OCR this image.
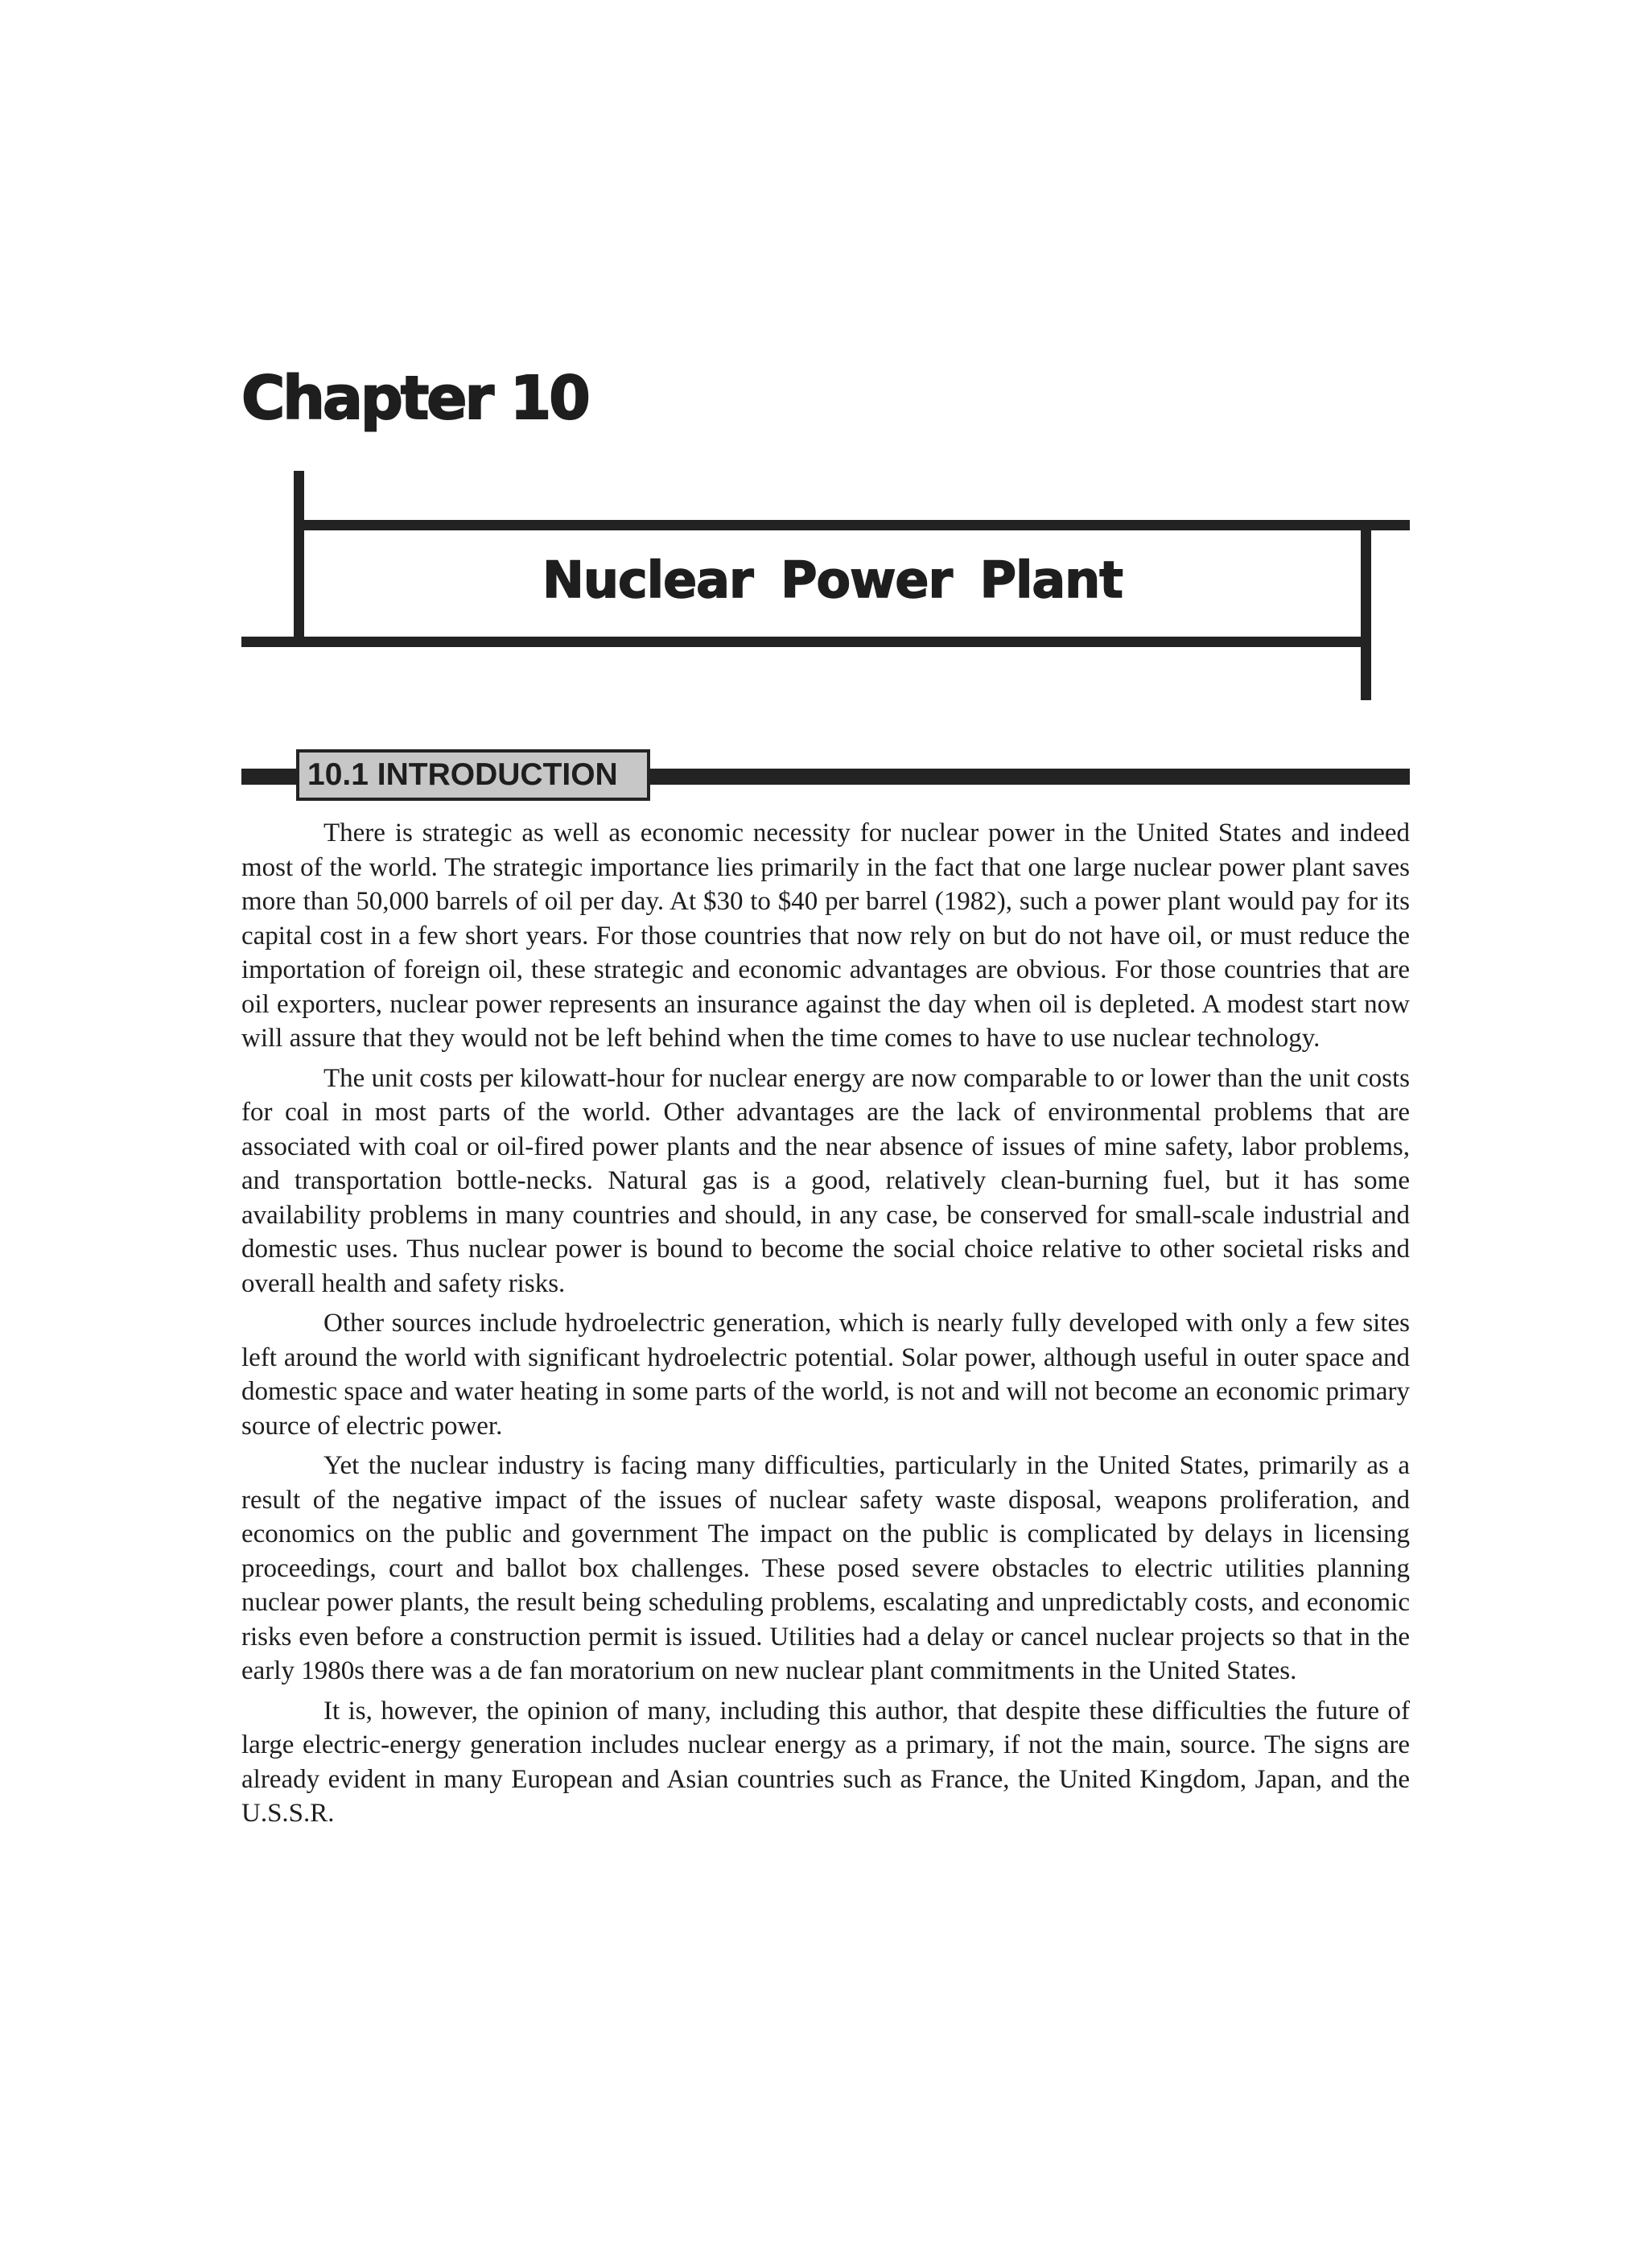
Chapter 10
Nuclear Power Plant
10.1 INTRODUCTION

There is strategic as well as economic necessity for nuclear power in the United States and indeed most of the world. The strategic importance lies primarily in the fact that one large nuclear power plant saves more than 50,000 barrels of oil per day. At $30 to $40 per barrel (1982), such a power plant would pay for its capital cost in a few short years. For those countries that now rely on but do not have oil, or must reduce the importation of foreign oil, these strategic and economic advantages are obvious. For those countries that are oil exporters, nuclear power represents an insurance against the day when oil is depleted. A modest start now will assure that they would not be left behind when the time comes to have to use nuclear technology.

The unit costs per kilowatt-hour for nuclear energy are now comparable to or lower than the unit costs for coal in most parts of the world. Other advantages are the lack of environmental problems that are associated with coal or oil-fired power plants and the near absence of issues of mine safety, labor problems, and transportation bottle-necks. Natural gas is a good, relatively clean-burning fuel, but it has some availability problems in many countries and should, in any case, be conserved for small-scale industrial and domestic uses. Thus nuclear power is bound to become the social choice relative to other societal risks and overall health and safety risks.

Other sources include hydroelectric generation, which is nearly fully developed with only a few sites left around the world with significant hydroelectric potential. Solar power, although useful in outer space and domestic space and water heating in some parts of the world, is not and will not become an economic primary source of electric power.

Yet the nuclear industry is facing many difficulties, particularly in the United States, primarily as a result of the negative impact of the issues of nuclear safety waste disposal, weapons proliferation, and economics on the public and government The impact on the public is complicated by delays in licensing proceedings, court and ballot box challenges. These posed severe obstacles to electric utilities planning nuclear power plants, the result being scheduling problems, escalating and unpredictably costs, and economic risks even before a construction permit is issued. Utilities had a delay or cancel nuclear projects so that in the early 1980s there was a de fan moratorium on new nuclear plant commitments in the United States.

It is, however, the opinion of many, including this author, that despite these difficulties the future of large electric-energy generation includes nuclear energy as a primary, if not the main, source. The signs are already evident in many European and Asian countries such as France, the United Kingdom, Japan, and the U.S.S.R.
